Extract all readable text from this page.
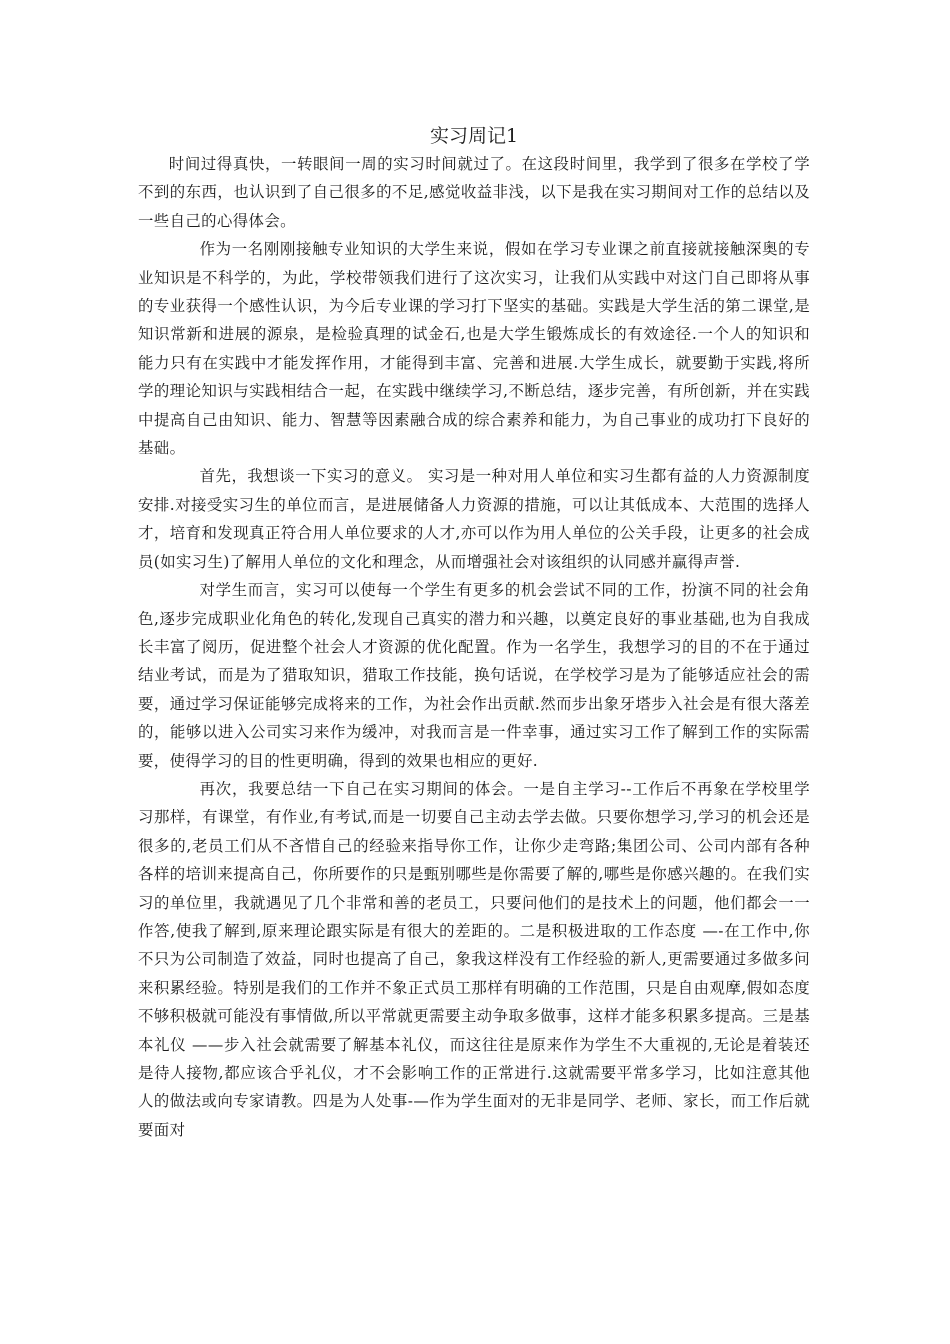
实习周记1

时间过得真快，一转眼间一周的实习时间就过了。在这段时间里，我学到了很多在学校了学不到的东西，也认识到了自己很多的不足,感觉收益非浅，以下是我在实习期间对工作的总结以及一些自己的心得体会。

作为一名刚刚接触专业知识的大学生来说，假如在学习专业课之前直接就接触深奥的专业知识是不科学的，为此，学校带领我们进行了这次实习，让我们从实践中对这门自己即将从事的专业获得一个感性认识，为今后专业课的学习打下坚实的基础。实践是大学生活的第二课堂,是知识常新和进展的源泉，是检验真理的试金石,也是大学生锻炼成长的有效途径.一个人的知识和能力只有在实践中才能发挥作用，才能得到丰富、完善和进展.大学生成长，就要勤于实践,将所学的理论知识与实践相结合一起，在实践中继续学习,不断总结，逐步完善，有所创新，并在实践中提高自己由知识、能力、智慧等因素融合成的综合素养和能力，为自己事业的成功打下良好的基础。

首先，我想谈一下实习的意义。 实习是一种对用人单位和实习生都有益的人力资源制度安排.对接受实习生的单位而言，是进展储备人力资源的措施，可以让其低成本、大范围的选择人才，培育和发现真正符合用人单位要求的人才,亦可以作为用人单位的公关手段，让更多的社会成员(如实习生)了解用人单位的文化和理念，从而增强社会对该组织的认同感并赢得声誉.

对学生而言，实习可以使每一个学生有更多的机会尝试不同的工作，扮演不同的社会角色,逐步完成职业化角色的转化,发现自己真实的潜力和兴趣，以奠定良好的事业基础,也为自我成长丰富了阅历，促进整个社会人才资源的优化配置。作为一名学生，我想学习的目的不在于通过结业考试，而是为了猎取知识，猎取工作技能，换句话说，在学校学习是为了能够适应社会的需要，通过学习保证能够完成将来的工作，为社会作出贡献.然而步出象牙塔步入社会是有很大落差的，能够以进入公司实习来作为缓冲，对我而言是一件幸事，通过实习工作了解到工作的实际需要，使得学习的目的性更明确，得到的效果也相应的更好.

再次，我要总结一下自己在实习期间的体会。一是自主学习--工作后不再象在学校里学习那样，有课堂，有作业,有考试,而是一切要自己主动去学去做。只要你想学习,学习的机会还是很多的,老员工们从不吝惜自己的经验来指导你工作，让你少走弯路;集团公司、公司内部有各种各样的培训来提高自己，你所要作的只是甄别哪些是你需要了解的,哪些是你感兴趣的。在我们实习的单位里，我就遇见了几个非常和善的老员工，只要问他们的是技术上的问题，他们都会一一作答,使我了解到,原来理论跟实际是有很大的差距的。二是积极进取的工作态度 —-在工作中,你不只为公司制造了效益，同时也提高了自己，象我这样没有工作经验的新人,更需要通过多做多问来积累经验。特别是我们的工作并不象正式员工那样有明确的工作范围，只是自由观摩,假如态度不够积极就可能没有事情做,所以平常就更需要主动争取多做事，这样才能多积累多提高。三是基本礼仪 ——步入社会就需要了解基本礼仪，而这往往是原来作为学生不大重视的,无论是着装还是待人接物,都应该合乎礼仪，才不会影响工作的正常进行.这就需要平常多学习，比如注意其他人的做法或向专家请教。四是为人处事-—作为学生面对的无非是同学、老师、家长，而工作后就要面对
